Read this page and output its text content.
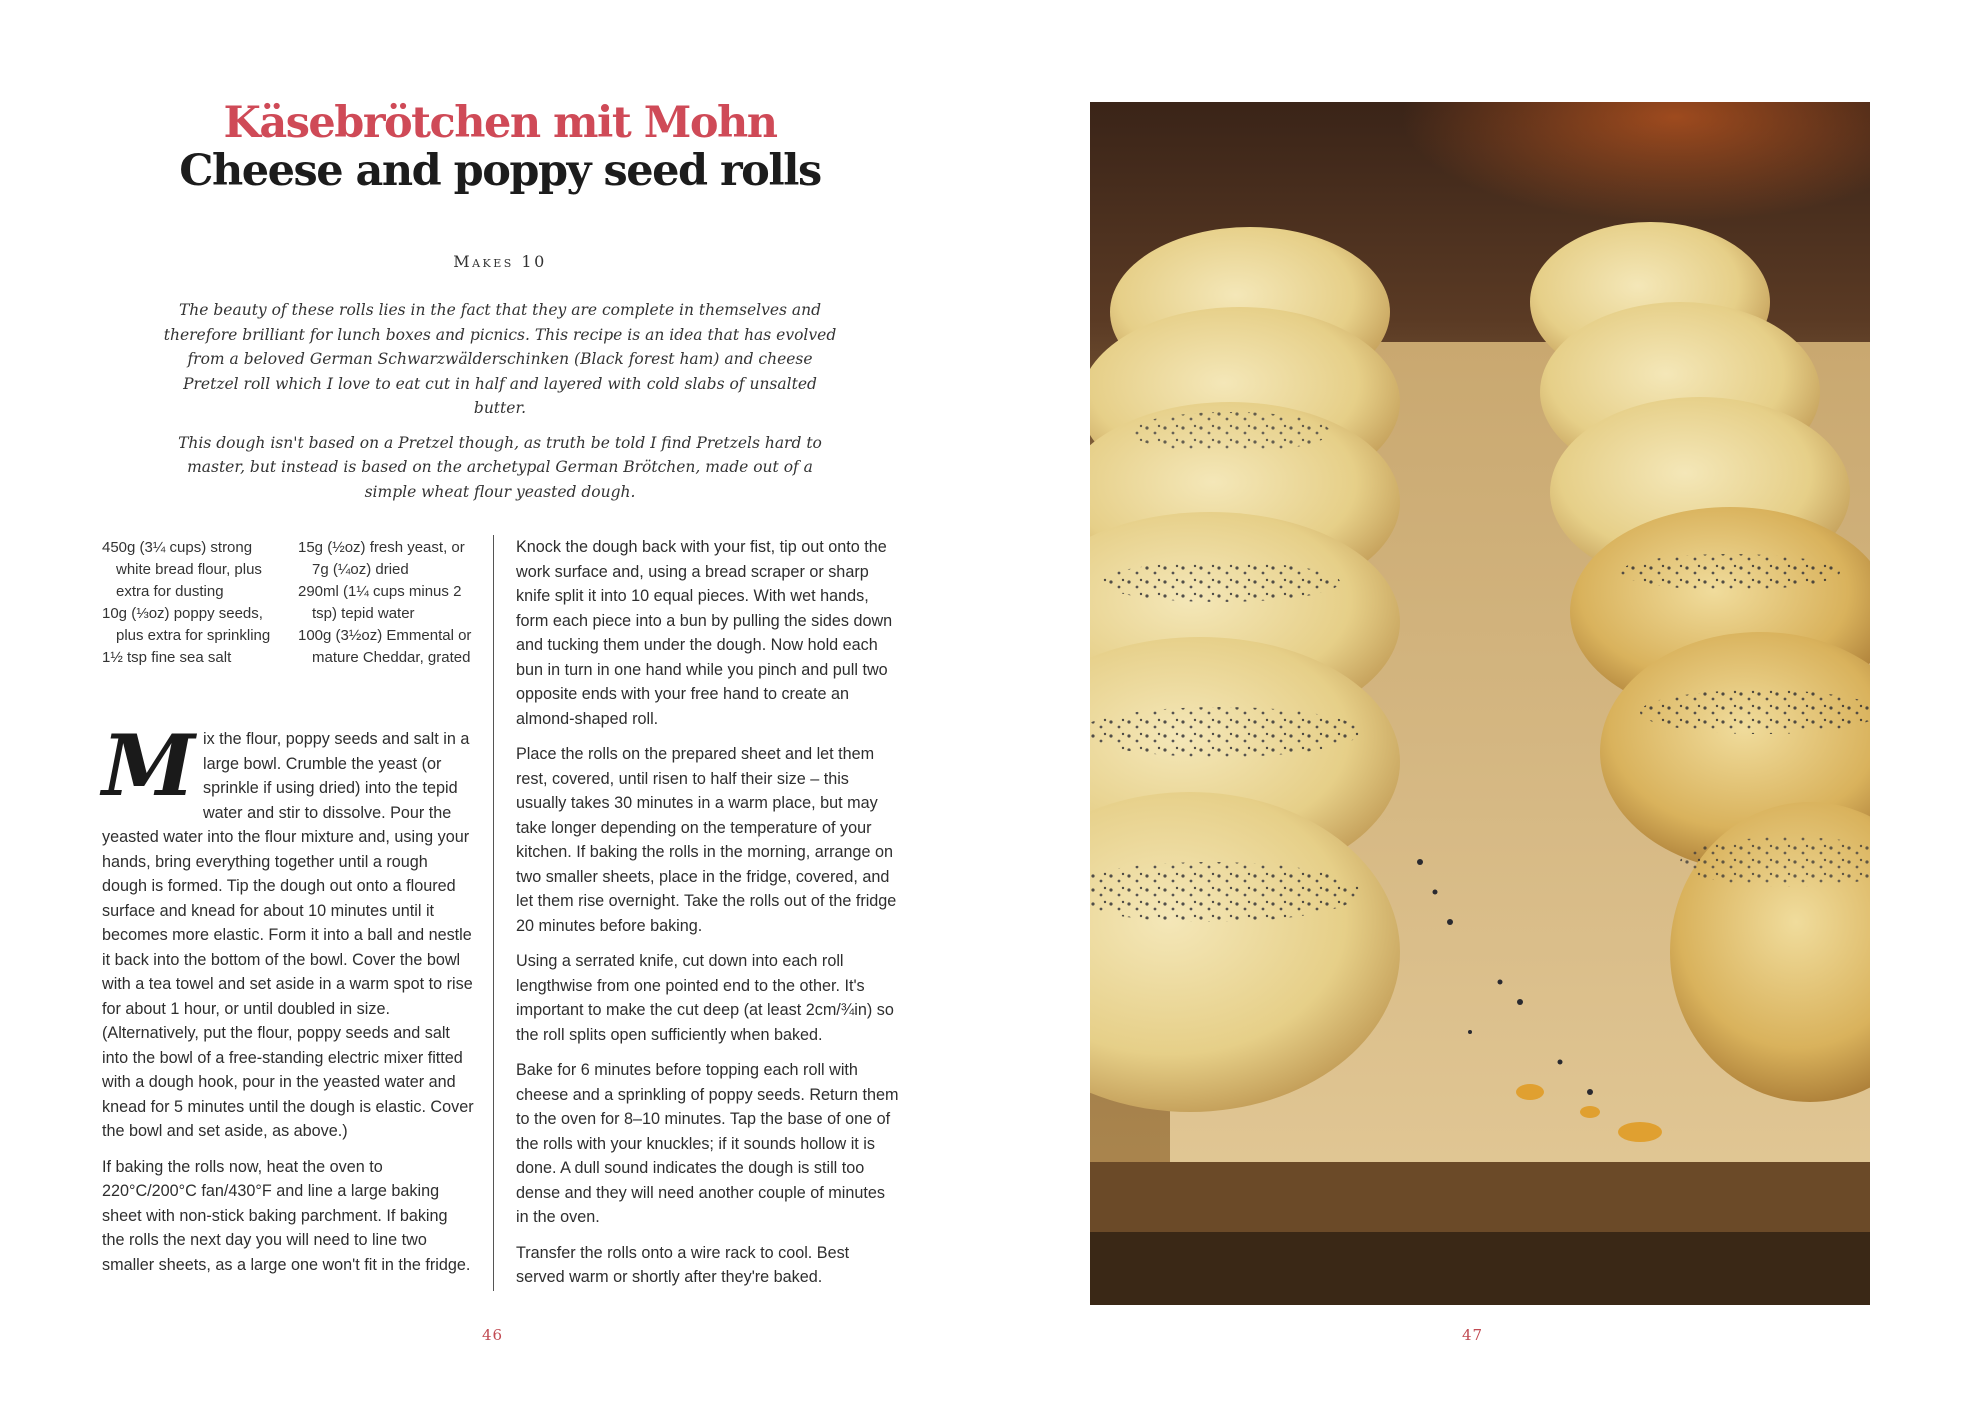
Käsebrötchen mit Mohn
Cheese and poppy seed rolls
Makes 10

The beauty of these rolls lies in the fact that they are complete in themselves and therefore brilliant for lunch boxes and picnics. This recipe is an idea that has evolved from a beloved German Schwarzwälderschinken (Black forest ham) and cheese Pretzel roll which I love to eat cut in half and layered with cold slabs of unsalted butter.

This dough isn't based on a Pretzel though, as truth be told I find Pretzels hard to master, but instead is based on the archetypal German Brötchen, made out of a simple wheat flour yeasted dough.

450g (3¼ cups) strong white bread flour, plus extra for dusting
10g (⅓oz) poppy seeds, plus extra for sprinkling
1½ tsp fine sea salt
15g (½oz) fresh yeast, or 7g (¼oz) dried
290ml (1¼ cups minus 2 tsp) tepid water
100g (3½oz) Emmental or mature Cheddar, grated

Mix the flour, poppy seeds and salt in a large bowl. Crumble the yeast (or sprinkle if using dried) into the tepid water and stir to dissolve. Pour the yeasted water into the flour mixture and, using your hands, bring everything together until a rough dough is formed. Tip the dough out onto a floured surface and knead for about 10 minutes until it becomes more elastic. Form it into a ball and nestle it back into the bottom of the bowl. Cover the bowl with a tea towel and set aside in a warm spot to rise for about 1 hour, or until doubled in size. (Alternatively, put the flour, poppy seeds and salt into the bowl of a free-standing electric mixer fitted with a dough hook, pour in the yeasted water and knead for 5 minutes until the dough is elastic. Cover the bowl and set aside, as above.)

If baking the rolls now, heat the oven to 220°C/200°C fan/430°F and line a large baking sheet with non-stick baking parchment. If baking the rolls the next day you will need to line two smaller sheets, as a large one won't fit in the fridge.

Knock the dough back with your fist, tip out onto the work surface and, using a bread scraper or sharp knife split it into 10 equal pieces. With wet hands, form each piece into a bun by pulling the sides down and tucking them under the dough. Now hold each bun in turn in one hand while you pinch and pull two opposite ends with your free hand to create an almond-shaped roll.

Place the rolls on the prepared sheet and let them rest, covered, until risen to half their size – this usually takes 30 minutes in a warm place, but may take longer depending on the temperature of your kitchen. If baking the rolls in the morning, arrange on two smaller sheets, place in the fridge, covered, and let them rise overnight. Take the rolls out of the fridge 20 minutes before baking.

Using a serrated knife, cut down into each roll lengthwise from one pointed end to the other. It's important to make the cut deep (at least 2cm/¾in) so the roll splits open sufficiently when baked.

Bake for 6 minutes before topping each roll with cheese and a sprinkling of poppy seeds. Return them to the oven for 8–10 minutes. Tap the base of one of the rolls with your knuckles; if it sounds hollow it is done. A dull sound indicates the dough is still too dense and they will need another couple of minutes in the oven.

Transfer the rolls onto a wire rack to cool. Best served warm or shortly after they're baked.

46	47
